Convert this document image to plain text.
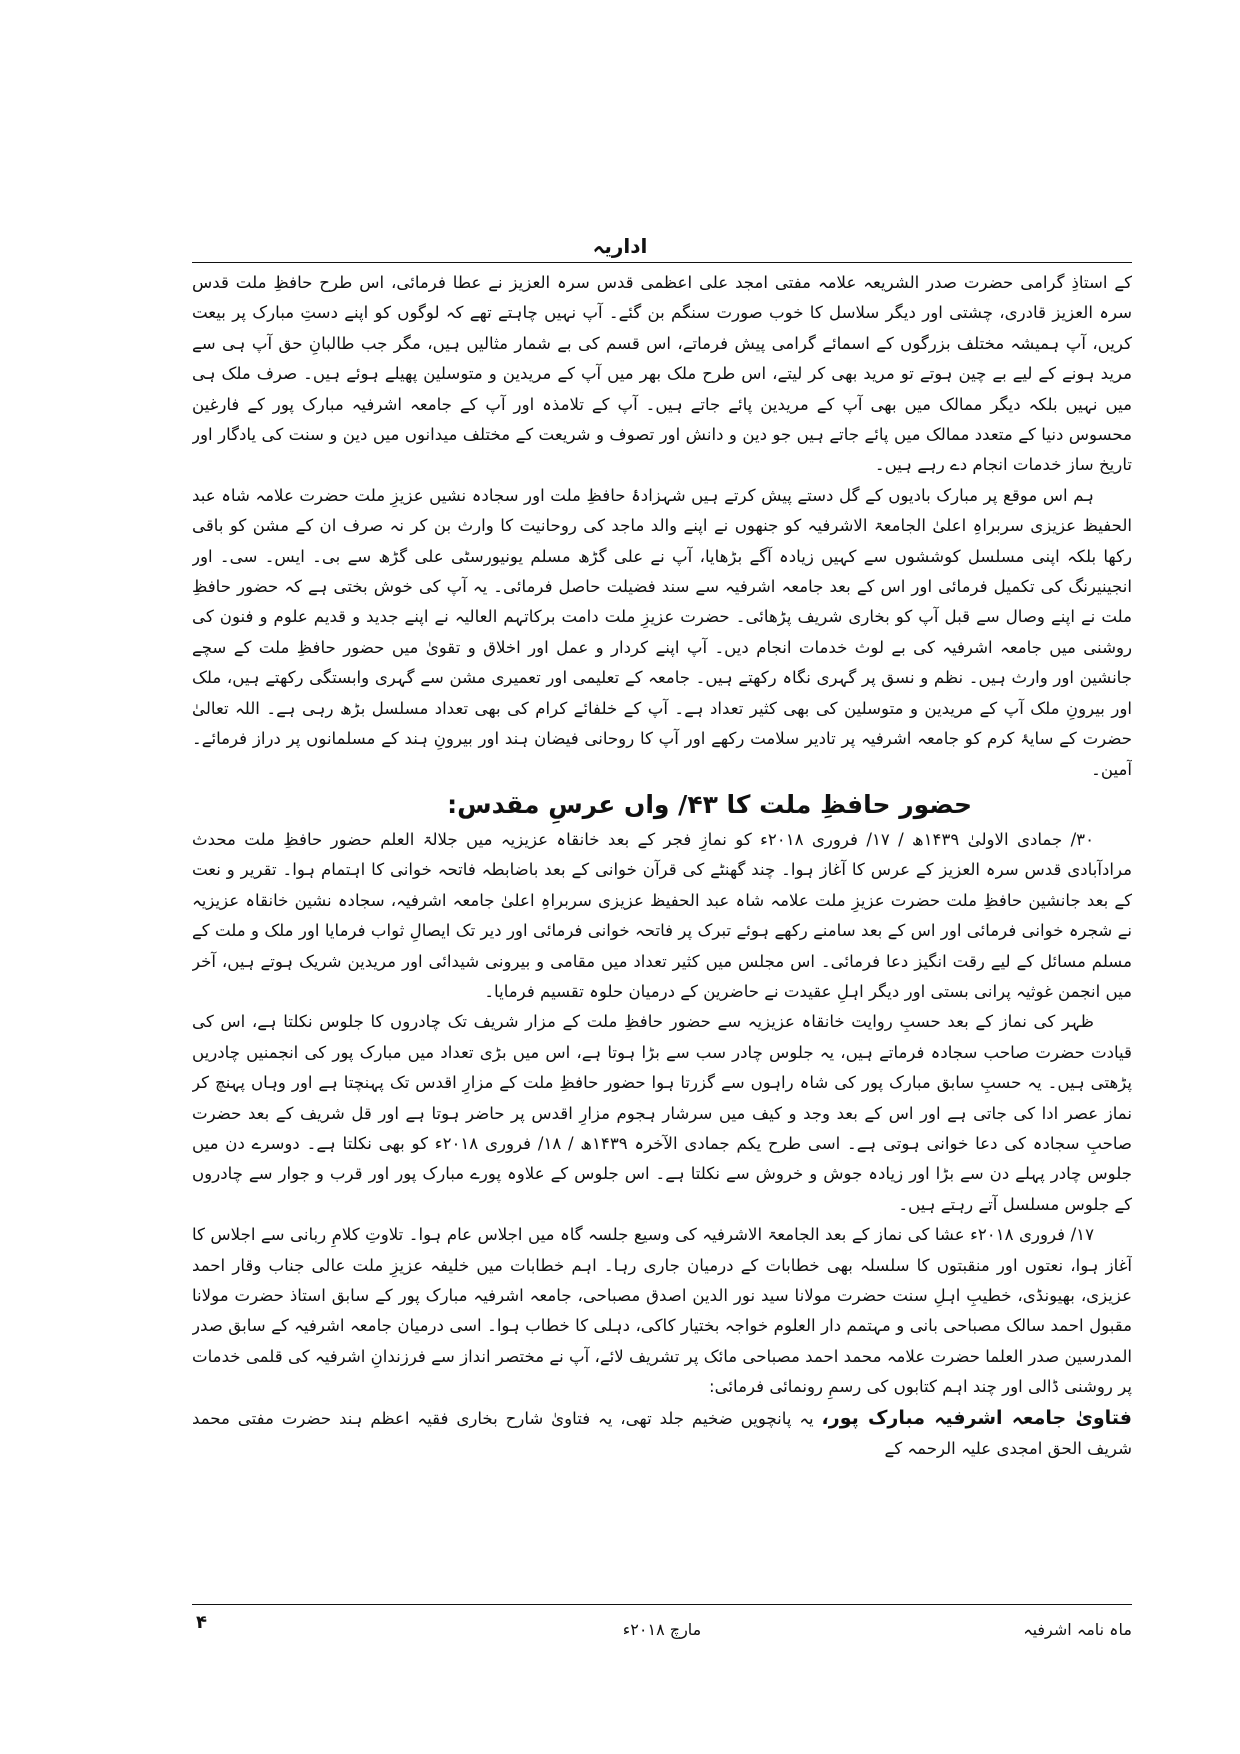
اداریہ

کے استاذِ گرامی حضرت صدر الشریعہ علامہ مفتی امجد علی اعظمی قدس سرہ العزیز نے عطا فرمائی، اس طرح حافظِ ملت قدس سرہ العزیز قادری، چشتی اور دیگر سلاسل کا خوب صورت سنگم بن گئے۔ آپ نہیں چاہتے تھے کہ لوگوں کو اپنے دستِ مبارک پر بیعت کریں، آپ ہمیشہ مختلف بزرگوں کے اسمائے گرامی پیش فرماتے، اس قسم کی بے شمار مثالیں ہیں، مگر جب طالبانِ حق آپ ہی سے مرید ہونے کے لیے بے چین ہوتے تو مرید بھی کر لیتے، اس طرح ملک بھر میں آپ کے مریدین و متوسلین پھیلے ہوئے ہیں۔ صرف ملک ہی میں نہیں بلکہ دیگر ممالک میں بھی آپ کے مریدین پائے جاتے ہیں۔ آپ کے تلامذہ اور آپ کے جامعہ اشرفیہ مبارک پور کے فارغین محسوس دنیا کے متعدد ممالک میں پائے جاتے ہیں جو دین و دانش اور تصوف و شریعت کے مختلف میدانوں میں دین و سنت کی یادگار اور تاریخ ساز خدمات انجام دے رہے ہیں۔

ہم اس موقع پر مبارک بادیوں کے گل دستے پیش کرتے ہیں شہزادۂ حافظِ ملت اور سجادہ نشیں عزیزِ ملت حضرت علامہ شاہ عبد الحفیظ عزیزی سربراہِ اعلیٰ الجامعۃ الاشرفیہ کو جنھوں نے اپنے والد ماجد کی روحانیت کا وارث بن کر نہ صرف ان کے مشن کو باقی رکھا بلکہ اپنی مسلسل کوششوں سے کہیں زیادہ آگے بڑھایا، آپ نے علی گڑھ مسلم یونیورسٹی علی گڑھ سے بی۔ ایس۔ سی۔ اور انجینیرنگ کی تکمیل فرمائی اور اس کے بعد جامعہ اشرفیہ سے سند فضیلت حاصل فرمائی۔ یہ آپ کی خوش بختی ہے کہ حضور حافظِ ملت نے اپنے وصال سے قبل آپ کو بخاری شریف پڑھائی۔ حضرت عزیزِ ملت دامت برکاتہم العالیہ نے اپنے جدید و قدیم علوم و فنون کی روشنی میں جامعہ اشرفیہ کی بے لوث خدمات انجام دیں۔ آپ اپنے کردار و عمل اور اخلاق و تقویٰ میں حضور حافظِ ملت کے سچے جانشین اور وارث ہیں۔ نظم و نسق پر گہری نگاہ رکھتے ہیں۔ جامعہ کے تعلیمی اور تعمیری مشن سے گہری وابستگی رکھتے ہیں، ملک اور بیرونِ ملک آپ کے مریدین و متوسلین کی بھی کثیر تعداد ہے۔ آپ کے خلفائے کرام کی بھی تعداد مسلسل بڑھ رہی ہے۔ اللہ تعالیٰ حضرت کے سایۂ کرم کو جامعہ اشرفیہ پر تادیر سلامت رکھے اور آپ کا روحانی فیضان ہند اور بیرونِ ہند کے مسلمانوں پر دراز فرمائے۔ آمین۔

حضور حافظِ ملت کا ۴۳/ واں عرسِ مقدس:

۳۰/ جمادی الاولیٰ ۱۴۳۹ھ / ۱۷/ فروری ۲۰۱۸ء کو نمازِ فجر کے بعد خانقاہ عزیزیہ میں جلالۃ العلم حضور حافظِ ملت محدث مرادآبادی قدس سرہ العزیز کے عرس کا آغاز ہوا۔ چند گھنٹے کی قرآن خوانی کے بعد باضابطہ فاتحہ خوانی کا اہتمام ہوا۔ تقریر و نعت کے بعد جانشین حافظِ ملت حضرت عزیزِ ملت علامہ شاہ عبد الحفیظ عزیزی سربراہِ اعلیٰ جامعہ اشرفیہ، سجادہ نشین خانقاہ عزیزیہ نے شجرہ خوانی فرمائی اور اس کے بعد سامنے رکھے ہوئے تبرک پر فاتحہ خوانی فرمائی اور دیر تک ایصالِ ثواب فرمایا اور ملک و ملت کے مسلم مسائل کے لیے رقت انگیز دعا فرمائی۔ اس مجلس میں کثیر تعداد میں مقامی و بیرونی شیدائی اور مریدین شریک ہوتے ہیں، آخر میں انجمن غوثیہ پرانی بستی اور دیگر اہلِ عقیدت نے حاضرین کے درمیان حلوہ تقسیم فرمایا۔

ظہر کی نماز کے بعد حسبِ روایت خانقاہ عزیزیہ سے حضور حافظِ ملت کے مزار شریف تک چادروں کا جلوس نکلتا ہے، اس کی قیادت حضرت صاحب سجادہ فرماتے ہیں، یہ جلوس چادر سب سے بڑا ہوتا ہے، اس میں بڑی تعداد میں مبارک پور کی انجمنیں چادریں پڑھتی ہیں۔ یہ حسبِ سابق مبارک پور کی شاہ راہوں سے گزرتا ہوا حضور حافظِ ملت کے مزارِ اقدس تک پہنچتا ہے اور وہاں پہنچ کر نماز عصر ادا کی جاتی ہے اور اس کے بعد وجد و کیف میں سرشار ہجوم مزارِ اقدس پر حاضر ہوتا ہے اور قل شریف کے بعد حضرت صاحبِ سجادہ کی دعا خوانی ہوتی ہے۔ اسی طرح یکم جمادی الآخرہ ۱۴۳۹ھ / ۱۸/ فروری ۲۰۱۸ء کو بھی نکلتا ہے۔ دوسرے دن میں جلوس چادر پہلے دن سے بڑا اور زیادہ جوش و خروش سے نکلتا ہے۔ اس جلوس کے علاوہ پورے مبارک پور اور قرب و جوار سے چادروں کے جلوس مسلسل آتے رہتے ہیں۔

۱۷/ فروری ۲۰۱۸ء عشا کی نماز کے بعد الجامعۃ الاشرفیہ کی وسیع جلسہ گاہ میں اجلاس عام ہوا۔ تلاوتِ کلامِ ربانی سے اجلاس کا آغاز ہوا، نعتوں اور منقبتوں کا سلسلہ بھی خطابات کے درمیان جاری رہا۔ اہم خطابات میں خلیفہ عزیزِ ملت عالی جناب وقار احمد عزیزی، بھیونڈی، خطیبِ اہلِ سنت حضرت مولانا سید نور الدین اصدق مصباحی، جامعہ اشرفیہ مبارک پور کے سابق استاذ حضرت مولانا مقبول احمد سالک مصباحی بانی و مہتمم دار العلوم خواجہ بختیار کاکی، دہلی کا خطاب ہوا۔ اسی درمیان جامعہ اشرفیہ کے سابق صدر المدرسین صدر العلما حضرت علامہ محمد احمد مصباحی مائک پر تشریف لائے، آپ نے مختصر انداز سے فرزندانِ اشرفیہ کی قلمی خدمات پر روشنی ڈالی اور چند اہم کتابوں کی رسمِ رونمائی فرمائی:

فتاویٰ جامعہ اشرفیہ مبارک پور، یہ پانچویں ضخیم جلد تھی، یہ فتاویٰ شارح بخاری فقیہ اعظم ہند حضرت مفتی محمد شریف الحق امجدی علیہ الرحمہ کے

۴	مارچ ۲۰۱۸ء	ماہ نامہ اشرفیہ
